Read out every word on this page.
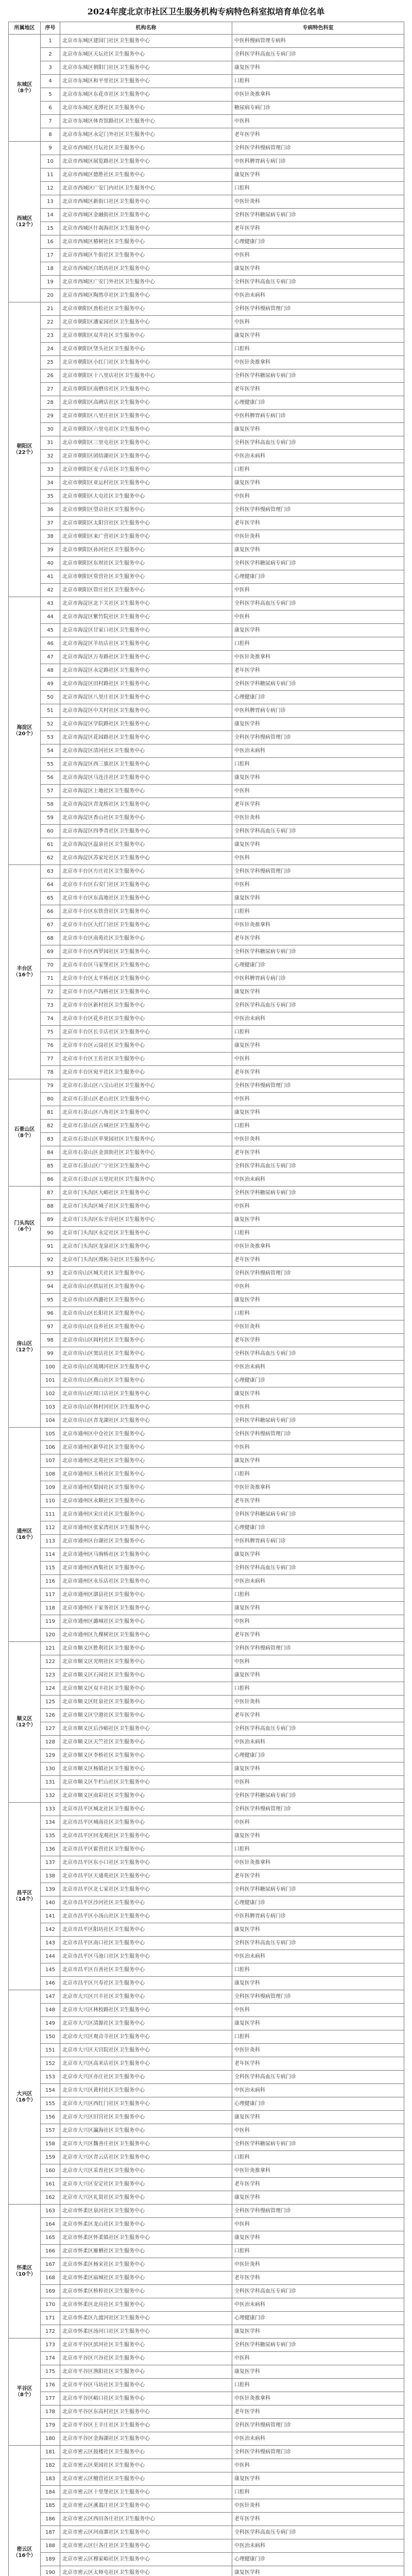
2024年度北京市社区卫生服务机构专病特色科室拟培育单位名单
所属地区	序号	机构名称	专病特色科室

东城区
（8个）	1	北京市东城区建国门社区卫生服务中心	中医科慢病管理专病科
	2	北京市东城区天坛社区卫生服务中心	全科医学科高血压专病门诊
	3	北京市东城区朝阳门社区卫生服务中心	康复医学科
	4	北京市东城区和平里社区卫生服务中心	口腔科
	5	北京市东城区东花市社区卫生服务中心	中医针灸推拿科
	6	北京市东城区龙潭社区卫生服务中心	糖尿病专病门诊
	7	北京市东城区体育馆路社区卫生服务中心	中医科
	8	北京市东城区永定门外社区卫生服务中心	老年医学科

西城区
（12个）	9	北京市西城区月坛社区卫生服务中心	全科医学科慢病管理门诊
	10	北京市西城区展览路社区卫生服务中心	中医科脾胃病专病门诊
	11	北京市西城区德胜社区卫生服务中心	康复医学科
	12	北京市西城区广安门内社区卫生服务中心	口腔科
	13	北京市西城区新街口社区卫生服务中心	中医针灸科
	14	北京市西城区金融街社区卫生服务中心	全科医学科糖尿病专病门诊
	15	北京市西城区什刹海社区卫生服务中心	老年医学科
	16	北京市西城区椿树社区卫生服务中心	心理健康门诊
	17	北京市西城区牛街社区卫生服务中心	中医科
	18	北京市西城区白纸坊社区卫生服务中心	康复医学科
	19	北京市西城区广安门外社区卫生服务中心	全科医学科高血压专病门诊
	20	北京市西城区陶然亭社区卫生服务中心	中医治未病科

朝阳区
（22个）	21	北京市朝阳区劲松社区卫生服务中心	全科医学科慢病管理门诊
	22	北京市朝阳区潘家园社区卫生服务中心	中医科
	23	北京市朝阳区双井社区卫生服务中心	康复医学科
	24	北京市朝阳区垡头社区卫生服务中心	口腔科
	25	北京市朝阳区小红门社区卫生服务中心	中医针灸推拿科
	26	北京市朝阳区十八里店社区卫生服务中心	全科医学科糖尿病专病门诊
	27	北京市朝阳区南磨房社区卫生服务中心	老年医学科
	28	北京市朝阳区高碑店社区卫生服务中心	心理健康门诊
	29	北京市朝阳区八里庄社区卫生服务中心	中医科脾胃病专病门诊
	30	北京市朝阳区六里屯社区卫生服务中心	康复医学科
	31	北京市朝阳区三里屯社区卫生服务中心	全科医学科高血压专病门诊
	32	北京市朝阳区团结湖社区卫生服务中心	中医治未病科
	33	北京市朝阳区麦子店社区卫生服务中心	口腔科
	34	北京市朝阳区亚运村社区卫生服务中心	康复医学科
	35	北京市朝阳区大屯社区卫生服务中心	中医科
	36	北京市朝阳区望京社区卫生服务中心	全科医学科慢病管理门诊
	37	北京市朝阳区太阳宫社区卫生服务中心	老年医学科
	38	北京市朝阳区来广营社区卫生服务中心	中医针灸科
	39	北京市朝阳区孙河社区卫生服务中心	康复医学科
	40	北京市朝阳区东坝社区卫生服务中心	全科医学科糖尿病专病门诊
	41	北京市朝阳区常营社区卫生服务中心	心理健康门诊
	42	北京市朝阳区管庄社区卫生服务中心	中医科

海淀区
（20个）	43	北京市海淀区北下关社区卫生服务中心	全科医学科高血压专病门诊
	44	北京市海淀区紫竹院社区卫生服务中心	中医科
	45	北京市海淀区甘家口社区卫生服务中心	康复医学科
	46	北京市海淀区羊坊店社区卫生服务中心	口腔科
	47	北京市海淀区万寿路社区卫生服务中心	中医针灸推拿科
	48	北京市海淀区永定路社区卫生服务中心	老年医学科
	49	北京市海淀区田村路社区卫生服务中心	全科医学科糖尿病专病门诊
	50	北京市海淀区八里庄社区卫生服务中心	心理健康门诊
	51	北京市海淀区中关村社区卫生服务中心	中医科脾胃病专病门诊
	52	北京市海淀区学院路社区卫生服务中心	康复医学科
	53	北京市海淀区花园路社区卫生服务中心	全科医学科慢病管理门诊
	54	北京市海淀区清河社区卫生服务中心	中医治未病科
	55	北京市海淀区西三旗社区卫生服务中心	口腔科
	56	北京市海淀区马连洼社区卫生服务中心	康复医学科
	57	北京市海淀区上地社区卫生服务中心	中医科
	58	北京市海淀区青龙桥社区卫生服务中心	老年医学科
	59	北京市海淀区香山社区卫生服务中心	中医针灸科
	60	北京市海淀区四季青社区卫生服务中心	全科医学科高血压专病门诊
	61	北京市海淀区温泉社区卫生服务中心	康复医学科
	62	北京市海淀区苏家坨社区卫生服务中心	中医科

丰台区
（16个）	63	北京市丰台区方庄社区卫生服务中心	全科医学科慢病管理门诊
	64	北京市丰台区右安门社区卫生服务中心	中医科
	65	北京市丰台区东高地社区卫生服务中心	康复医学科
	66	北京市丰台区东铁营社区卫生服务中心	口腔科
	67	北京市丰台区大红门社区卫生服务中心	中医针灸推拿科
	68	北京市丰台区南苑社区卫生服务中心	老年医学科
	69	北京市丰台区西罗园社区卫生服务中心	全科医学科糖尿病专病门诊
	70	北京市丰台区马家堡社区卫生服务中心	心理健康门诊
	71	北京市丰台区太平桥社区卫生服务中心	中医科脾胃病专病门诊
	72	北京市丰台区卢沟桥社区卫生服务中心	康复医学科
	73	北京市丰台区新村社区卫生服务中心	全科医学科高血压专病门诊
	74	北京市丰台区花乡社区卫生服务中心	中医治未病科
	75	北京市丰台区长辛店社区卫生服务中心	口腔科
	76	北京市丰台区云岗社区卫生服务中心	康复医学科
	77	北京市丰台区王佐社区卫生服务中心	中医科
	78	北京市丰台区宛平社区卫生服务中心	老年医学科

石景山区
（8个）	79	北京市石景山区八宝山社区卫生服务中心	全科医学科慢病管理门诊
	80	北京市石景山区老山社区卫生服务中心	中医科
	81	北京市石景山区八角社区卫生服务中心	康复医学科
	82	北京市石景山区古城社区卫生服务中心	口腔科
	83	北京市石景山区苹果园社区卫生服务中心	中医针灸科
	84	北京市石景山区金顶街社区卫生服务中心	老年医学科
	85	北京市石景山区广宁社区卫生服务中心	全科医学科高血压专病门诊
	86	北京市石景山区五里坨社区卫生服务中心	中医治未病科

门头沟区
（6个）	87	北京市门头沟区大峪社区卫生服务中心	全科医学科糖尿病专病门诊
	88	北京市门头沟区城子社区卫生服务中心	中医科
	89	北京市门头沟区东辛房社区卫生服务中心	康复医学科
	90	北京市门头沟区永定社区卫生服务中心	口腔科
	91	北京市门头沟区龙泉社区卫生服务中心	中医针灸推拿科
	92	北京市门头沟区潭柘寺社区卫生服务中心	老年医学科

房山区
（12个）	93	北京市房山区城关社区卫生服务中心	全科医学科慢病管理门诊
	94	北京市房山区拱辰社区卫生服务中心	中医科
	95	北京市房山区西潞社区卫生服务中心	康复医学科
	96	北京市房山区长阳社区卫生服务中心	口腔科
	97	北京市房山区良乡社区卫生服务中心	中医针灸科
	98	北京市房山区阎村社区卫生服务中心	老年医学科
	99	北京市房山区窦店社区卫生服务中心	全科医学科高血压专病门诊
	100	北京市房山区琉璃河社区卫生服务中心	中医治未病科
	101	北京市房山区燕山社区卫生服务中心	心理健康门诊
	102	北京市房山区周口店社区卫生服务中心	康复医学科
	103	北京市房山区韩村河社区卫生服务中心	中医科
	104	北京市房山区青龙湖社区卫生服务中心	全科医学科糖尿病专病门诊

通州区
（16个）	105	北京市通州区中仓社区卫生服务中心	全科医学科慢病管理门诊
	106	北京市通州区新华社区卫生服务中心	中医科
	107	北京市通州区北苑社区卫生服务中心	康复医学科
	108	北京市通州区玉桥社区卫生服务中心	口腔科
	109	北京市通州区梨园社区卫生服务中心	中医针灸推拿科
	110	北京市通州区永顺社区卫生服务中心	老年医学科
	111	北京市通州区宋庄社区卫生服务中心	全科医学科糖尿病专病门诊
	112	北京市通州区张家湾社区卫生服务中心	心理健康门诊
	113	北京市通州区台湖社区卫生服务中心	中医科脾胃病专病门诊
	114	北京市通州区马驹桥社区卫生服务中心	康复医学科
	115	北京市通州区西集社区卫生服务中心	全科医学科高血压专病门诊
	116	北京市通州区永乐店社区卫生服务中心	中医治未病科
	117	北京市通州区漷县社区卫生服务中心	口腔科
	118	北京市通州区于家务社区卫生服务中心	康复医学科
	119	北京市通州区潞城社区卫生服务中心	中医科
	120	北京市通州区九棵树社区卫生服务中心	老年医学科

顺义区
（12个）	121	北京市顺义区胜利社区卫生服务中心	全科医学科慢病管理门诊
	122	北京市顺义区光明社区卫生服务中心	中医科
	123	北京市顺义区石园社区卫生服务中心	康复医学科
	124	北京市顺义区双丰社区卫生服务中心	口腔科
	125	北京市顺义区旺泉社区卫生服务中心	中医针灸科
	126	北京市顺义区空港社区卫生服务中心	老年医学科
	127	北京市顺义区后沙峪社区卫生服务中心	全科医学科高血压专病门诊
	128	北京市顺义区天竺社区卫生服务中心	中医治未病科
	129	北京市顺义区李桥社区卫生服务中心	心理健康门诊
	130	北京市顺义区杨镇社区卫生服务中心	康复医学科
	131	北京市顺义区牛栏山社区卫生服务中心	中医科
	132	北京市顺义区南彩社区卫生服务中心	全科医学科糖尿病专病门诊

昌平区
（14个）	133	北京市昌平区城北社区卫生服务中心	全科医学科慢病管理门诊
	134	北京市昌平区城南社区卫生服务中心	中医科
	135	北京市昌平区回龙观社区卫生服务中心	康复医学科
	136	北京市昌平区霍营社区卫生服务中心	口腔科
	137	北京市昌平区东小口社区卫生服务中心	中医针灸推拿科
	138	北京市昌平区天通苑社区卫生服务中心	老年医学科
	139	北京市昌平区北七家社区卫生服务中心	全科医学科糖尿病专病门诊
	140	北京市昌平区沙河社区卫生服务中心	心理健康门诊
	141	北京市昌平区小汤山社区卫生服务中心	中医科脾胃病专病门诊
	142	北京市昌平区阳坊社区卫生服务中心	康复医学科
	143	北京市昌平区南口社区卫生服务中心	全科医学科高血压专病门诊
	144	北京市昌平区马池口社区卫生服务中心	中医治未病科
	145	北京市昌平区百善社区卫生服务中心	口腔科
	146	北京市昌平区兴寿社区卫生服务中心	康复医学科

大兴区
（16个）	147	北京市大兴区兴丰社区卫生服务中心	全科医学科慢病管理门诊
	148	北京市大兴区林校路社区卫生服务中心	中医科
	149	北京市大兴区清源社区卫生服务中心	康复医学科
	150	北京市大兴区观音寺社区卫生服务中心	口腔科
	151	北京市大兴区天宫院社区卫生服务中心	中医针灸科
	152	北京市大兴区高米店社区卫生服务中心	老年医学科
	153	北京市大兴区亦庄社区卫生服务中心	全科医学科高血压专病门诊
	154	北京市大兴区黄村社区卫生服务中心	中医治未病科
	155	北京市大兴区西红门社区卫生服务中心	心理健康门诊
	156	北京市大兴区旧宫社区卫生服务中心	康复医学科
	157	北京市大兴区瀛海社区卫生服务中心	中医科
	158	北京市大兴区魏善庄社区卫生服务中心	全科医学科糖尿病专病门诊
	159	北京市大兴区青云店社区卫生服务中心	口腔科
	160	北京市大兴区采育社区卫生服务中心	中医针灸推拿科
	161	北京市大兴区安定社区卫生服务中心	老年医学科
	162	北京市大兴区礼贤社区卫生服务中心	康复医学科

怀柔区
（10个）	163	北京市怀柔区泉河社区卫生服务中心	全科医学科慢病管理门诊
	164	北京市怀柔区龙山社区卫生服务中心	中医科
	165	北京市怀柔区怀柔镇社区卫生服务中心	康复医学科
	166	北京市怀柔区雁栖社区卫生服务中心	口腔科
	167	北京市怀柔区杨宋社区卫生服务中心	中医针灸科
	168	北京市怀柔区庙城社区卫生服务中心	老年医学科
	169	北京市怀柔区桥梓社区卫生服务中心	全科医学科高血压专病门诊
	170	北京市怀柔区北房社区卫生服务中心	中医治未病科
	171	北京市怀柔区九渡河社区卫生服务中心	心理健康门诊
	172	北京市怀柔区汤河口社区卫生服务中心	康复医学科

平谷区
（8个）	173	北京市平谷区滨河社区卫生服务中心	全科医学科糖尿病专病门诊
	174	北京市平谷区兴谷社区卫生服务中心	中医科
	175	北京市平谷区渔阳社区卫生服务中心	康复医学科
	176	北京市平谷区马坊社区卫生服务中心	口腔科
	177	北京市平谷区峪口社区卫生服务中心	中医针灸推拿科
	178	北京市平谷区东高村社区卫生服务中心	老年医学科
	179	北京市平谷区王辛庄社区卫生服务中心	全科医学科慢病管理门诊
	180	北京市平谷区金海湖社区卫生服务中心	中医治未病科

密云区
（16个）	181	北京市密云区鼓楼社区卫生服务中心	全科医学科慢病管理门诊
	182	北京市密云区果园社区卫生服务中心	中医科
	183	北京市密云区檀营社区卫生服务中心	康复医学科
	184	北京市密云区十里堡社区卫生服务中心	口腔科
	185	北京市密云区溪翁庄社区卫生服务中心	中医针灸科
	186	北京市密云区西田各庄社区卫生服务中心	老年医学科
	187	北京市密云区河南寨社区卫生服务中心	全科医学科高血压专病门诊
	188	北京市密云区巨各庄社区卫生服务中心	中医治未病科
	189	北京市密云区穆家峪社区卫生服务中心	心理健康门诊
	190	北京市密云区太师屯社区卫生服务中心	康复医学科
